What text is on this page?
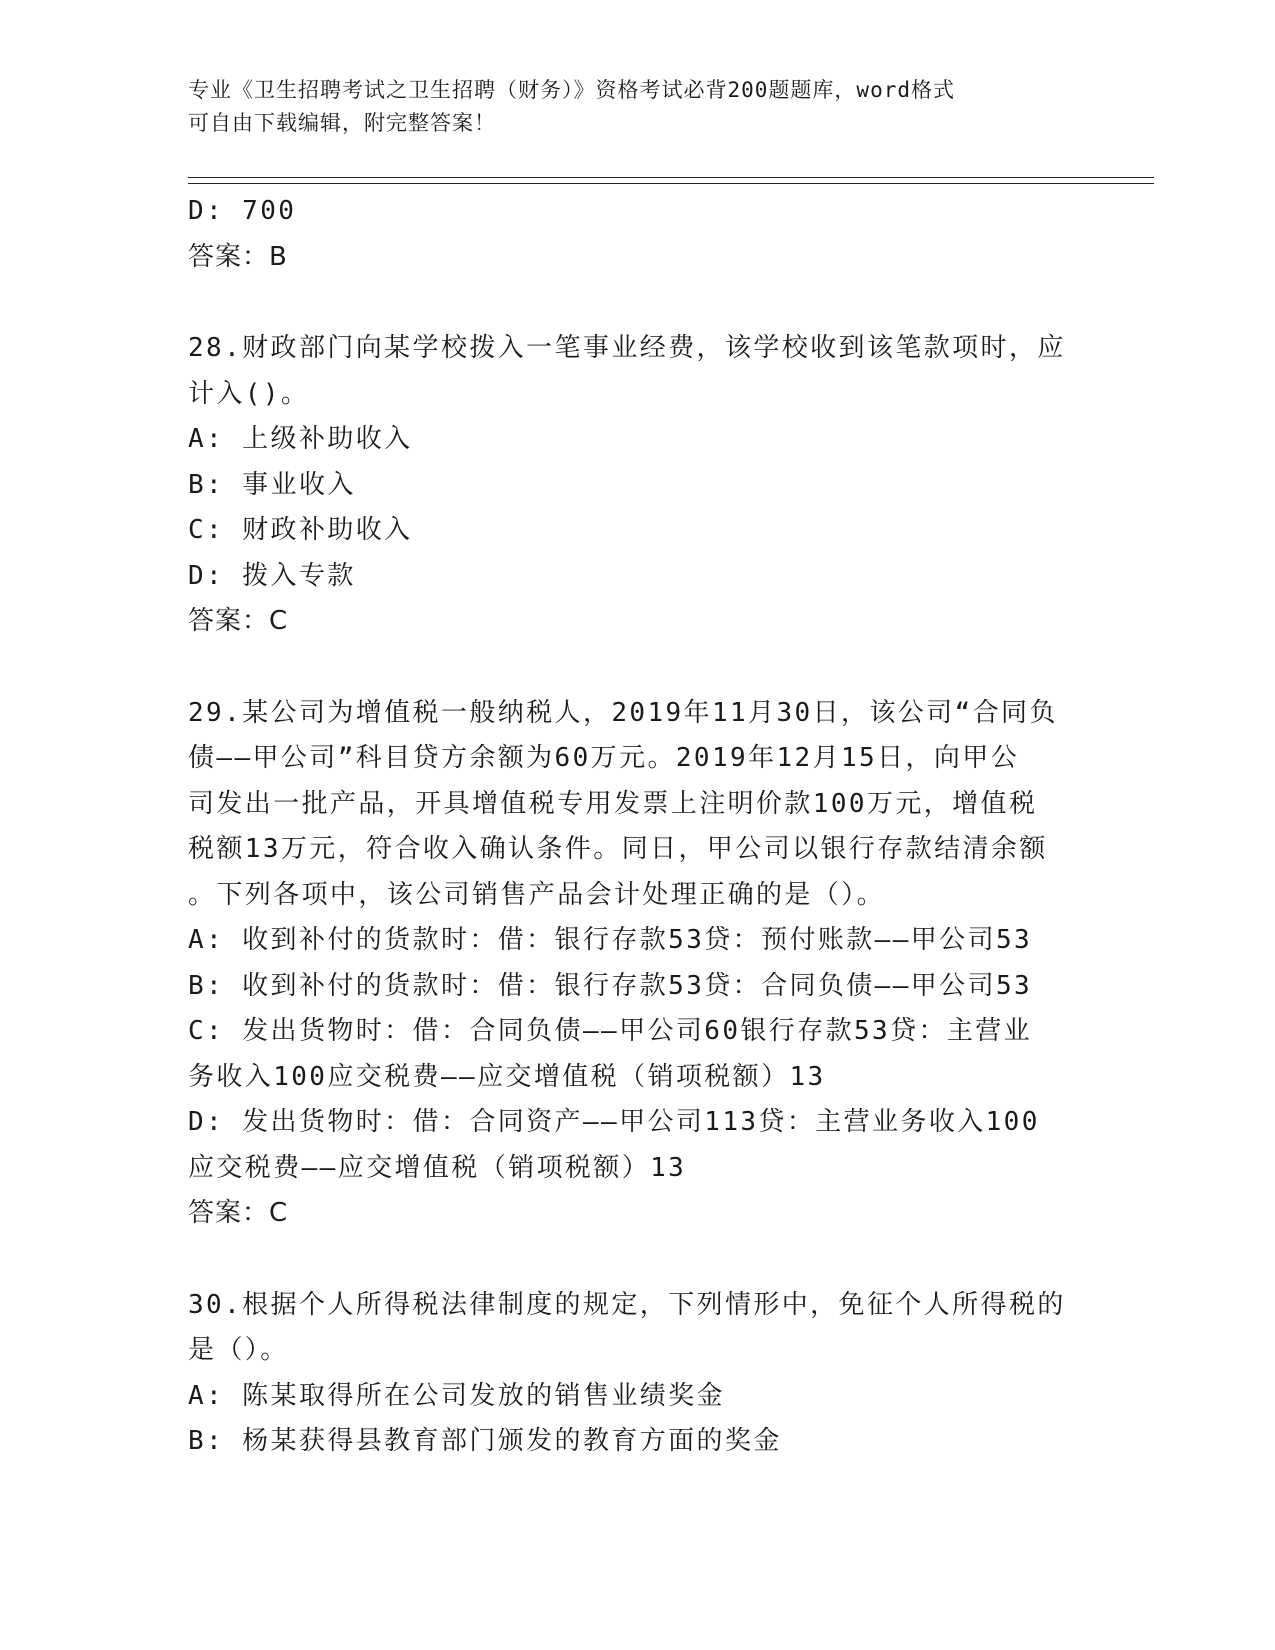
专业《卫生招聘考试之卫生招聘（财务）》资格考试必背200题题库，word格式
可自由下载编辑，附完整答案！
D: 700
答案：B
28.财政部门向某学校拨入一笔事业经费，该学校收到该笔款项时，应
计入()。
A: 上级补助收入
B: 事业收入
C: 财政补助收入
D: 拨入专款
答案：C
29.某公司为增值税一般纳税人，2019年11月30日，该公司“合同负
债——甲公司”科目贷方余额为60万元。2019年12月15日，向甲公
司发出一批产品，开具增值税专用发票上注明价款100万元，增值税
税额13万元，符合收入确认条件。同日，甲公司以银行存款结清余额
。下列各项中，该公司销售产品会计处理正确的是（）。
A: 收到补付的货款时：借：银行存款53贷：预付账款——甲公司53
B: 收到补付的货款时：借：银行存款53贷：合同负债——甲公司53
C: 发出货物时：借：合同负债——甲公司60银行存款53贷：主营业
务收入100应交税费——应交增值税（销项税额）13
D: 发出货物时：借：合同资产——甲公司113贷：主营业务收入100
应交税费——应交增值税（销项税额）13
答案：C
30.根据个人所得税法律制度的规定，下列情形中，免征个人所得税的
是（）。
A: 陈某取得所在公司发放的销售业绩奖金
B: 杨某获得县教育部门颁发的教育方面的奖金
